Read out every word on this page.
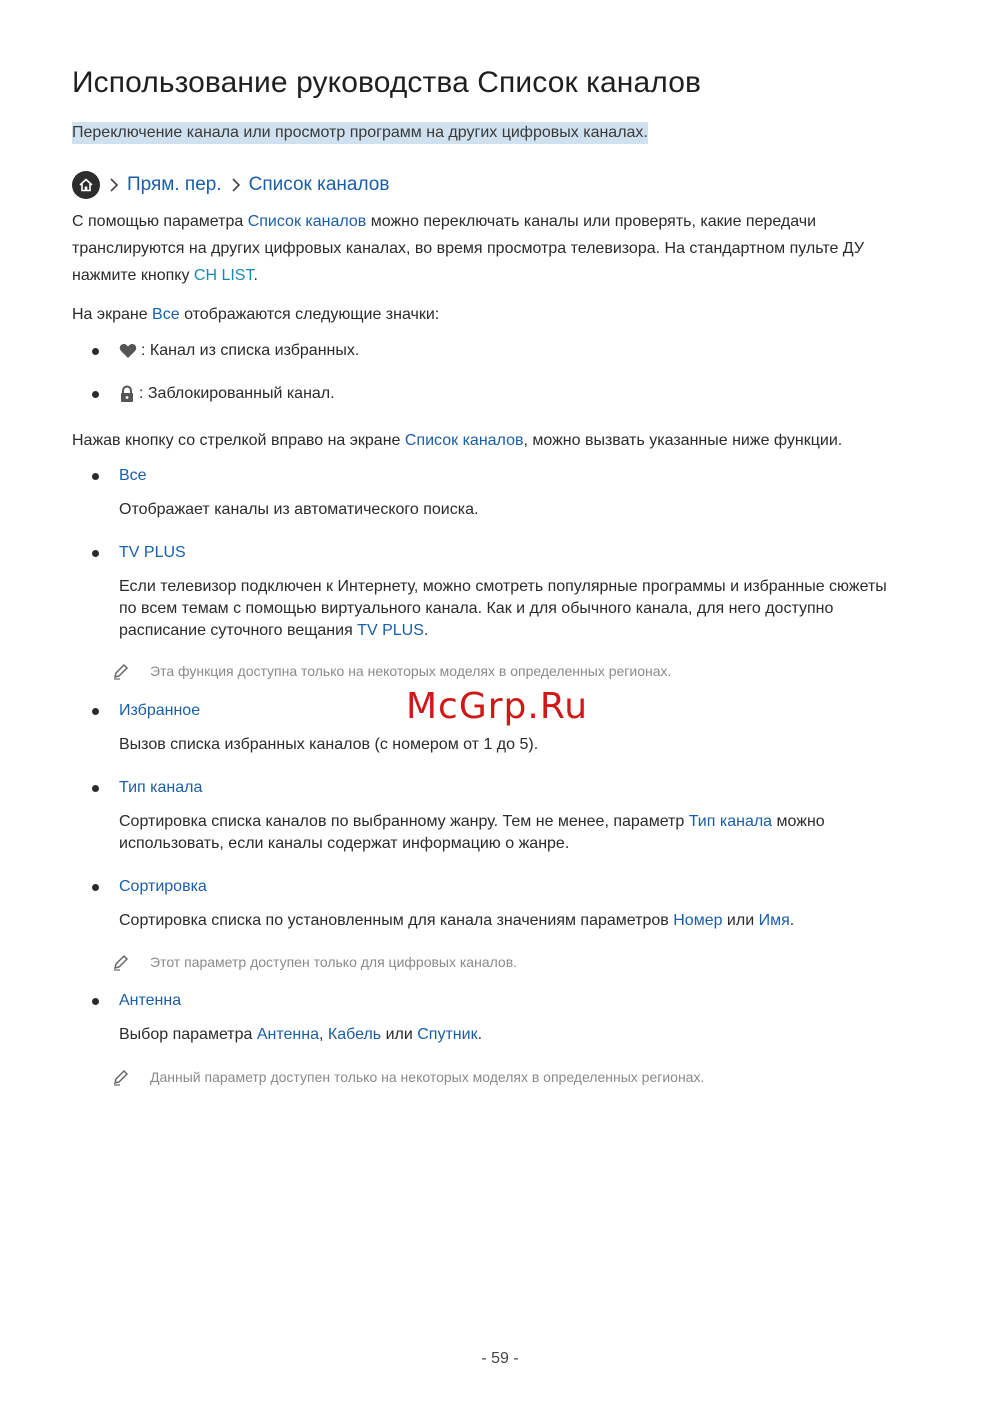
Использование руководства Список каналов
Переключение канала или просмотр программ на других цифровых каналах.
Прям. пер. Список каналов

С помощью параметра Список каналов можно переключать каналы или проверять, какие передачи
транслируются на других цифровых каналах, во время просмотра телевизора. На стандартном пульте ДУ
нажмите кнопку CH LIST.

На экране Все отображаются следующие значки:

: Канал из списка избранных.
: Заблокированный канал.

Нажав кнопку со стрелкой вправо на экране Список каналов, можно вызвать указанные ниже функции.

Все

Отображает каналы из автоматического поиска.

TV PLUS

Если телевизор подключен к Интернету, можно смотреть популярные программы и избранные сюжеты
по всем темам с помощью виртуального канала. Как и для обычного канала, для него доступно
расписание суточного вещания TV PLUS.

Эта функция доступна только на некоторых моделях в определенных регионах.
Избранное

Вызов списка избранных каналов (с номером от 1 до 5).

Тип канала

Сортировка списка каналов по выбранному жанру. Тем не менее, параметр Тип канала можно
использовать, если каналы содержат информацию о жанре.

Сортировка

Сортировка списка по установленным для канала значениям параметров Номер или Имя.

Этот параметр доступен только для цифровых каналов.
Антенна

Выбор параметра Антенна, Кабель или Спутник.

Данный параметр доступен только на некоторых моделях в определенных регионах.
McGrp.Ru
- 59 -
